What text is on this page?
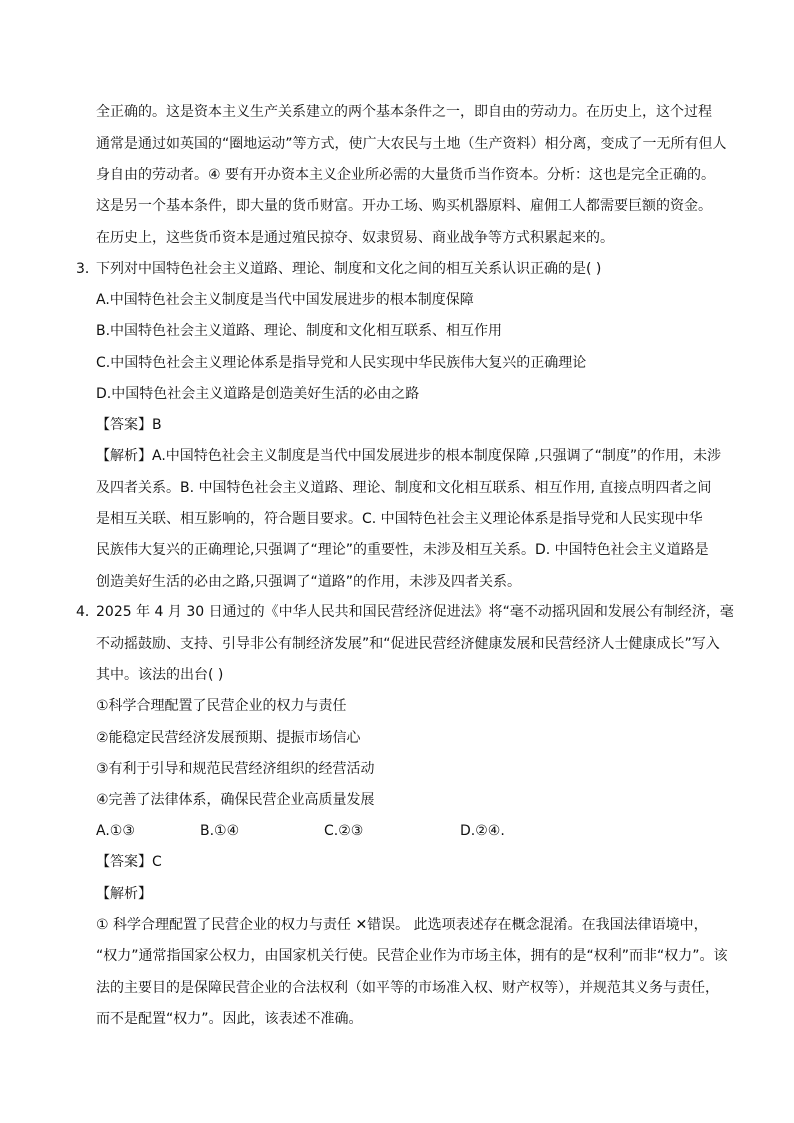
全正确的。这是资本主义生产关系建立的两个基本条件之一，即自由的劳动力。在历史上，这个过程
通常是通过如英国的“圈地运动”等方式，使广大农民与土地（生产资料）相分离，变成了一无所有但人
身自由的劳动者。④ 要有开办资本主义企业所必需的大量货币当作资本。分析：这也是完全正确的。
这是另一个基本条件，即大量的货币财富。开办工场、购买机器原料、雇佣工人都需要巨额的资金。
在历史上，这些货币资本是通过殖民掠夺、奴隶贸易、商业战争等方式积累起来的。
3．
下列对中国特色社会主义道路、理论、制度和文化之间的相互关系认识正确的是( )
A.中国特色社会主义制度是当代中国发展进步的根本制度保障
B.中国特色社会主义道路、理论、制度和文化相互联系、相互作用
C.中国特色社会主义理论体系是指导党和人民实现中华民族伟大复兴的正确理论
D.中国特色社会主义道路是创造美好生活的必由之路
【答案】B
【解析】A.中国特色社会主义制度是当代中国发展进步的根本制度保障 ,只强调了“制度”的作用，未涉
及四者关系。B. 中国特色社会主义道路、理论、制度和文化相互联系、相互作用, 直接点明四者之间
是相互关联、相互影响的，符合题目要求。C. 中国特色社会主义理论体系是指导党和人民实现中华
民族伟大复兴的正确理论,只强调了“理论”的重要性，未涉及相互关系。D. 中国特色社会主义道路是
创造美好生活的必由之路,只强调了“道路”的作用，未涉及四者关系。
4．
2025 年 4 月 30 日通过的《中华人民共和国民营经济促进法》将“毫不动摇巩固和发展公有制经济，毫
不动摇鼓励、支持、引导非公有制经济发展”和“促进民营经济健康发展和民营经济人士健康成长”写入
其中。该法的出台( )
①科学合理配置了民营企业的权力与责任
②能稳定民营经济发展预期、提振市场信心
③有利于引导和规范民营经济组织的经营活动
④完善了法律体系，确保民营企业高质量发展
A.①③	B.①④	C.②③	D.②④.
【答案】C
【解析】
① 科学合理配置了民营企业的权力与责任 ✕错误。 此选项表述存在概念混淆。在我国法律语境中，
“权力”通常指国家公权力，由国家机关行使。民营企业作为市场主体，拥有的是“权利”而非“权力”。该
法的主要目的是保障民营企业的合法权利（如平等的市场准入权、财产权等），并规范其义务与责任，
而不是配置“权力”。因此，该表述不准确。
